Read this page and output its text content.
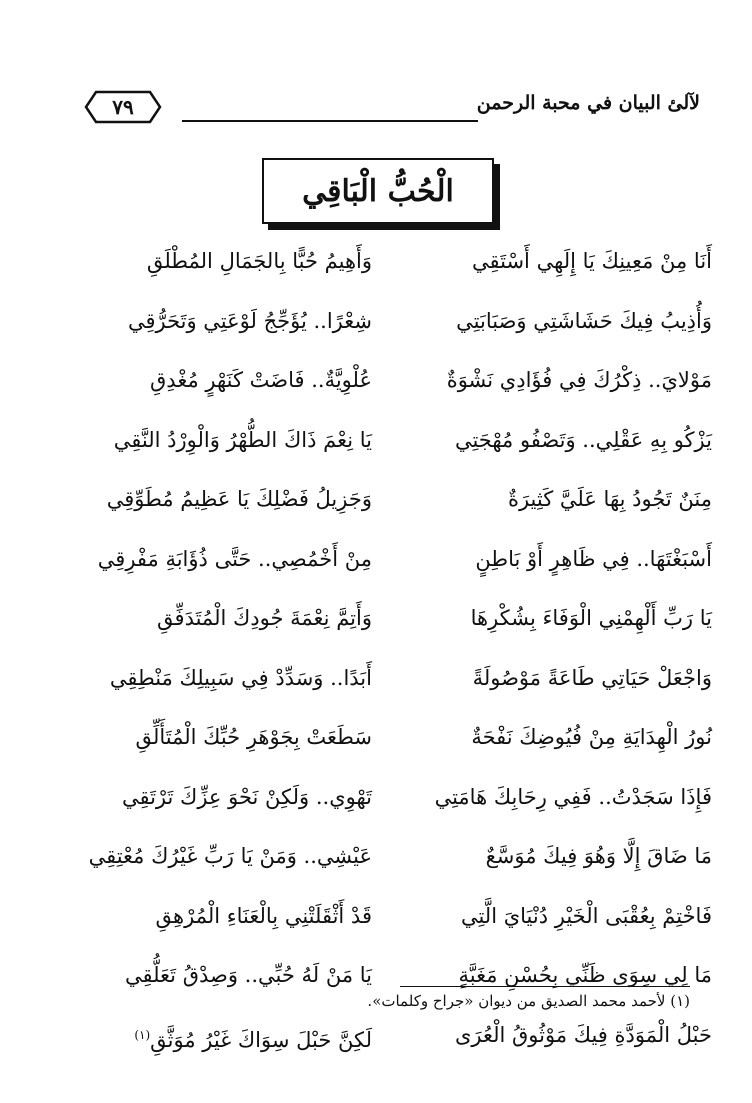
٧٩	لآلئ البيان في محبة الرحمن
الْحُبُّ الْبَاقِي
أَنَا مِنْ مَعِينِكَ يَا إِلَهِي أَسْتَقِي
وَأَهِيمُ حُبًّا بِالجَمَالِ المُطْلَقِ
وَأُذِيبُ فِيكَ حَشَاشَتِي وَصَبَابَتِي
شِعْرًا.. يُؤَجِّجُ لَوْعَتِي وَتَحَرُّقِي
مَوْلايَ.. ذِكْرُكَ فِي فُؤَادِي نَشْوَةٌ
عُلْوِيَّةٌ.. فَاضَتْ كَنَهْرٍ مُغْدِقِ
يَزْكُو بِهِ عَقْلِي.. وَتَصْفُو مُهْجَتِي
يَا نِعْمَ ذَاكَ الطُّهْرُ وَالْوِرْدُ النَّقِي
مِنَنٌ تَجُودُ بِهَا عَلَيَّ كَثِيرَةٌ
وَجَزِيلُ فَضْلِكَ يَا عَظِيمُ مُطَوِّقِي
أَسْبَغْتَهَا.. فِي ظَاهِرٍ أَوْ بَاطِنٍ
مِنْ أَخْمُصِي.. حَتَّى ذُؤَابَةِ مَفْرِقِي
يَا رَبِّ أَلْهِمْنِي الْوَفَاءَ بِشُكْرِهَا
وَأَتِمَّ نِعْمَةَ جُودِكَ الْمُتَدَفِّقِ
وَاجْعَلْ حَيَاتِي طَاعَةً مَوْصُولَةً
أَبَدًا.. وَسَدِّدْ فِي سَبِيلِكَ مَنْطِقِي
نُورُ الْهِدَايَةِ مِنْ فُيُوضِكَ نَفْحَةٌ
سَطَعَتْ بِجَوْهَرِ حُبِّكَ الْمُتَأَلِّقِ
فَإِذَا سَجَدْتُ.. فَفِي رِحَابِكَ هَامَتِي
تَهْوِي.. وَلَكِنْ نَحْوَ عِزِّكَ تَرْتَقِي
مَا ضَاقَ إِلَّا وَهُوَ فِيكَ مُوَسَّعٌ
عَيْشِي.. وَمَنْ يَا رَبِّ غَيْرُكَ مُعْتِقِي
فَاخْتِمْ بِعُقْبَى الْخَيْرِ دُنْيَايَ الَّتِي
قَدْ أَثْقَلَتْنِي بِالْعَنَاءِ الْمُرْهِقِ
مَا لِي سِوَى ظَنِّي بِحُسْنِ مَغَبَّةٍ
يَا مَنْ لَهُ حُبِّي.. وَصِدْقُ تَعَلُّقِي
حَبْلُ الْمَوَدَّةِ فِيكَ مَوْثُوقُ الْعُرَى
لَكِنَّ حَبْلَ سِوَاكَ غَيْرُ مُوَثَّقِ$^{(١)}$
(١) لأحمد محمد الصديق من ديوان «جراح وكلمات».
